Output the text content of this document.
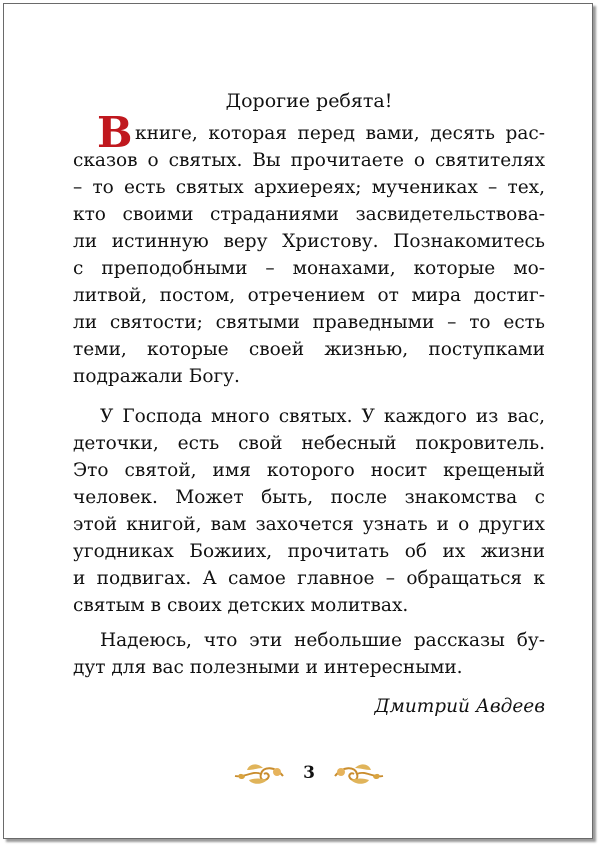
Дорогие ребята!
В книге, которая перед вами, десять рас-
сказов о святых. Вы прочитаете о святителях
– то есть святых архиереях; мучениках – тех,
кто своими страданиями засвидетельствова-
ли истинную веру Христову. Познакомитесь
с преподобными – монахами, которые мо-
литвой, постом, отречением от мира достиг-
ли святости; святыми праведными – то есть
теми, которые своей жизнью, поступками
подражали Богу.
У Господа много святых. У каждого из вас,
деточки, есть свой небесный покровитель.
Это святой, имя которого носит крещеный
человек. Может быть, после знакомства с
этой книгой, вам захочется узнать и о других
угодниках Божиих, прочитать об их жизни
и подвигах. А самое главное – обращаться к
святым в своих детских молитвах.
Надеюсь, что эти небольшие рассказы бу-
дут для вас полезными и интересными.
Дмитрий Авдеев
3
